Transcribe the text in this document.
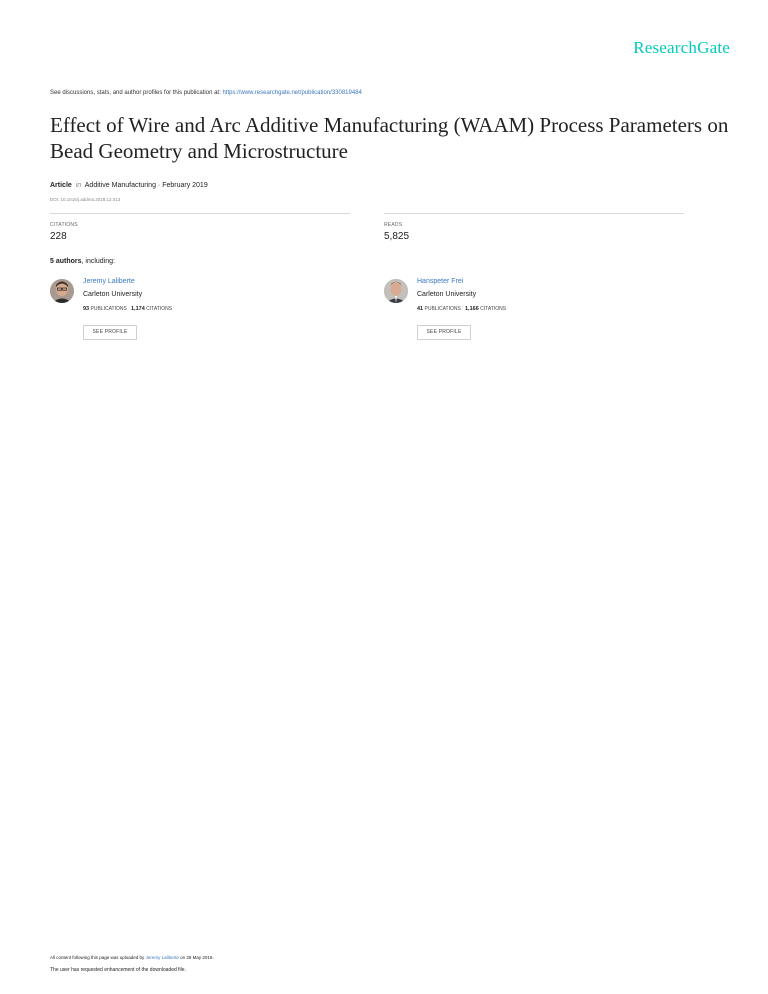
ResearchGate
See discussions, stats, and author profiles for this publication at: https://www.researchgate.net/publication/330819484
Effect of Wire and Arc Additive Manufacturing (WAAM) Process Parameters on Bead Geometry and Microstructure
Article in Additive Manufacturing · February 2019
DOI: 10.1016/j.addma.2018.12.013
CITATIONS
228
READS
5,825
5 authors, including:
Jeremy Laliberte
Carleton University
93 PUBLICATIONS 1,174 CITATIONS
SEE PROFILE
Hanspeter Frei
Carleton University
41 PUBLICATIONS 1,166 CITATIONS
SEE PROFILE
All content following this page was uploaded by Jeremy Laliberte on 28 May 2019.
The user has requested enhancement of the downloaded file.
